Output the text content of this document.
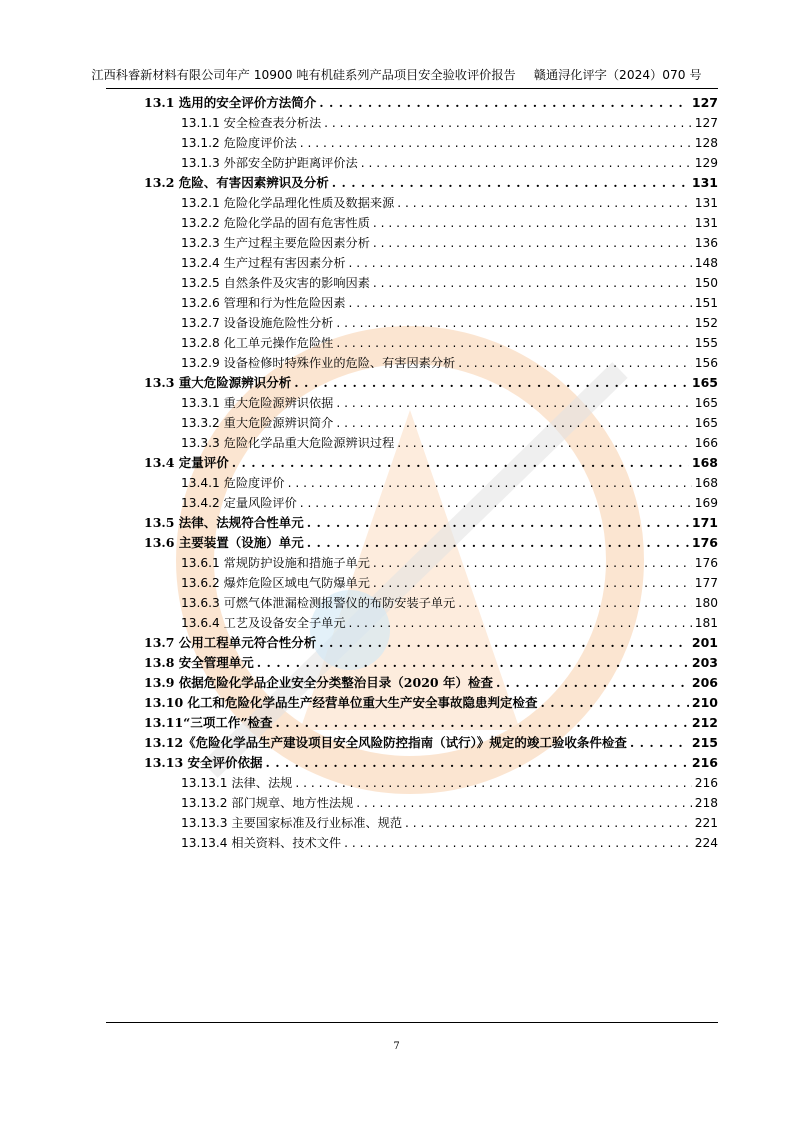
江西科睿新材料有限公司年产 10900 吨有机硅系列产品项目安全验收评价报告 赣通浔化评字（2024）070 号
13.1 选用的安全评价方法简介 . . .	127
13.1.1 安全检查表分析法 . . .	127
13.1.2 危险度评价法 . . .	128
13.1.3 外部安全防护距离评价法 . . .	129
13.2 危险、有害因素辨识及分析 . . .	131
13.2.1 危险化学品理化性质及数据来源 . . .	131
13.2.2 危险化学品的固有危害性质 . . .	131
13.2.3 生产过程主要危险因素分析 . . .	136
13.2.4 生产过程有害因素分析 . . .	148
13.2.5 自然条件及灾害的影响因素 . . .	150
13.2.6 管理和行为性危险因素 . . .	151
13.2.7 设备设施危险性分析 . . .	152
13.2.8 化工单元操作危险性 . . .	155
13.2.9 设备检修时特殊作业的危险、有害因素分析 . . .	156
13.3 重大危险源辨识分析 . . .	165
13.3.1 重大危险源辨识依据 . . .	165
13.3.2 重大危险源辨识简介 . . .	165
13.3.3 危险化学品重大危险源辨识过程 . . .	166
13.4 定量评价 . . .	168
13.4.1 危险度评价 . . .	168
13.4.2 定量风险评价 . . .	169
13.5 法律、法规符合性单元 . . .	171
13.6 主要装置（设施）单元 . . .	176
13.6.1 常规防护设施和措施子单元 . . .	176
13.6.2 爆炸危险区域电气防爆单元 . . .	177
13.6.3 可燃气体泄漏检测报警仪的布防安装子单元 . . .	180
13.6.4 工艺及设备安全子单元 . . .	181
13.7 公用工程单元符合性分析 . . .	201
13.8 安全管理单元 . . .	203
13.9 依据危险化学品企业安全分类整治目录（2020 年）检查 . . .	206
13.10 化工和危险化学品生产经营单位重大生产安全事故隐患判定检查 . . .	210
13.11“三项工作”检查 . . .	212
13.12《危险化学品生产建设项目安全风险防控指南（试行）》规定的竣工验收条件检查 . . .	215
13.13 安全评价依据 . . .	216
13.13.1 法律、法规 . . .	216
13.13.2 部门规章、地方性法规 . . .	218
13.13.3 主要国家标准及行业标准、规范 . . .	221
13.13.4 相关资料、技术文件 . . .	224
7
